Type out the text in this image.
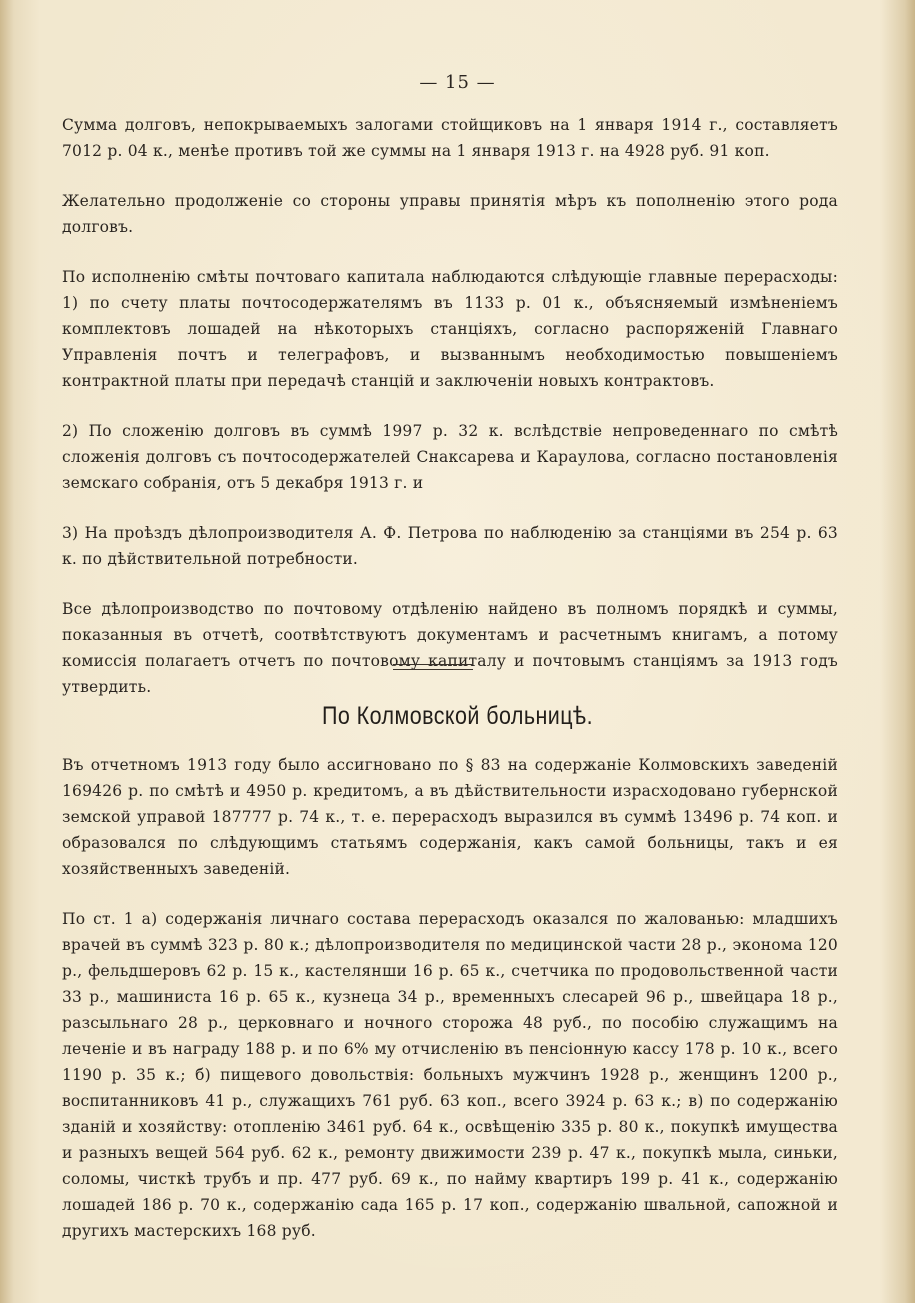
— 15 —

Сумма долговъ, непокрываемыхъ залогами стойщиковъ на 1 января 1914 г., составляетъ 7012 р. 04 к., менѣе противъ той же суммы на 1 января 1913 г. на 4928 руб. 91 коп.

Желательно продолженіе со стороны управы принятія мѣръ къ пополненію этого рода долговъ.

По исполненію смѣты почтоваго капитала наблюдаются слѣдующіе главные перерасходы: 1) по счету платы почтосодержателямъ въ 1133 р. 01 к., объясняемый измѣненіемъ комплектовъ лошадей на нѣкоторыхъ станціяхъ, согласно распоряженій Главнаго Управленія почтъ и телеграфовъ, и вызваннымъ необходимостью повышеніемъ контрактной платы при передачѣ станцій и заключеніи новыхъ контрактовъ.

2) По сложенію долговъ въ суммѣ 1997 р. 32 к. вслѣдствіе непроведеннаго по смѣтѣ сложенія долговъ съ почтосодержателей Снаксарева и Караулова, согласно постановленія земскаго собранія, отъ 5 декабря 1913 г. и

3) На проѣздъ дѣлопроизводителя А. Ф. Петрова по наблюденію за станціями въ 254 р. 63 к. по дѣйствительной потребности.

Все дѣлопроизводство по почтовому отдѣленію найдено въ полномъ порядкѣ и суммы, показанныя въ отчетѣ, соотвѣтствуютъ документамъ и расчетнымъ книгамъ, а потому комиссія полагаетъ отчетъ по почтовому капиталу и почтовымъ станціямъ за 1913 годъ утвердить.

По Колмовской больницѣ.

Въ отчетномъ 1913 году было ассигновано по § 83 на содержаніе Колмовскихъ заведеній 169426 р. по смѣтѣ и 4950 р. кредитомъ, а въ дѣйствительности израсходовано губернской земской управой 187777 р. 74 к., т. е. перерасходъ выразился въ суммѣ 13496 р. 74 коп. и образовался по слѣдующимъ статьямъ содержанія, какъ самой больницы, такъ и ея хозяйственныхъ заведеній.

По ст. 1 а) содержанія личнаго состава перерасходъ оказался по жалованью: младшихъ врачей въ суммѣ 323 р. 80 к.; дѣлопроизводителя по медицинской части 28 р., эконома 120 р., фельдшеровъ 62 р. 15 к., кастелянши 16 р. 65 к., счетчика по продовольственной части 33 р., машиниста 16 р. 65 к., кузнеца 34 р., временныхъ слесарей 96 р., швейцара 18 р., разсыльнаго 28 р., церковнаго и ночного сторожа 48 руб., по пособію служащимъ на леченіе и въ награду 188 р. и по 6% му отчисленію въ пенсіонную кассу 178 р. 10 к., всего 1190 р. 35 к.; б) пищевого довольствія: больныхъ мужчинъ 1928 р., женщинъ 1200 р., воспитанниковъ 41 р., служащихъ 761 руб. 63 коп., всего 3924 р. 63 к.; в) по содержанію зданій и хозяйству: отопленію 3461 руб. 64 к., освѣщенію 335 р. 80 к., покупкѣ имущества и разныхъ вещей 564 руб. 62 к., ремонту движимости 239 р. 47 к., покупкѣ мыла, синьки, соломы, чисткѣ трубъ и пр. 477 руб. 69 к., по найму квартиръ 199 р. 41 к., содержанію лошадей 186 р. 70 к., содержанію сада 165 р. 17 коп., содержанію швальной, сапожной и другихъ мастерскихъ 168 руб.
